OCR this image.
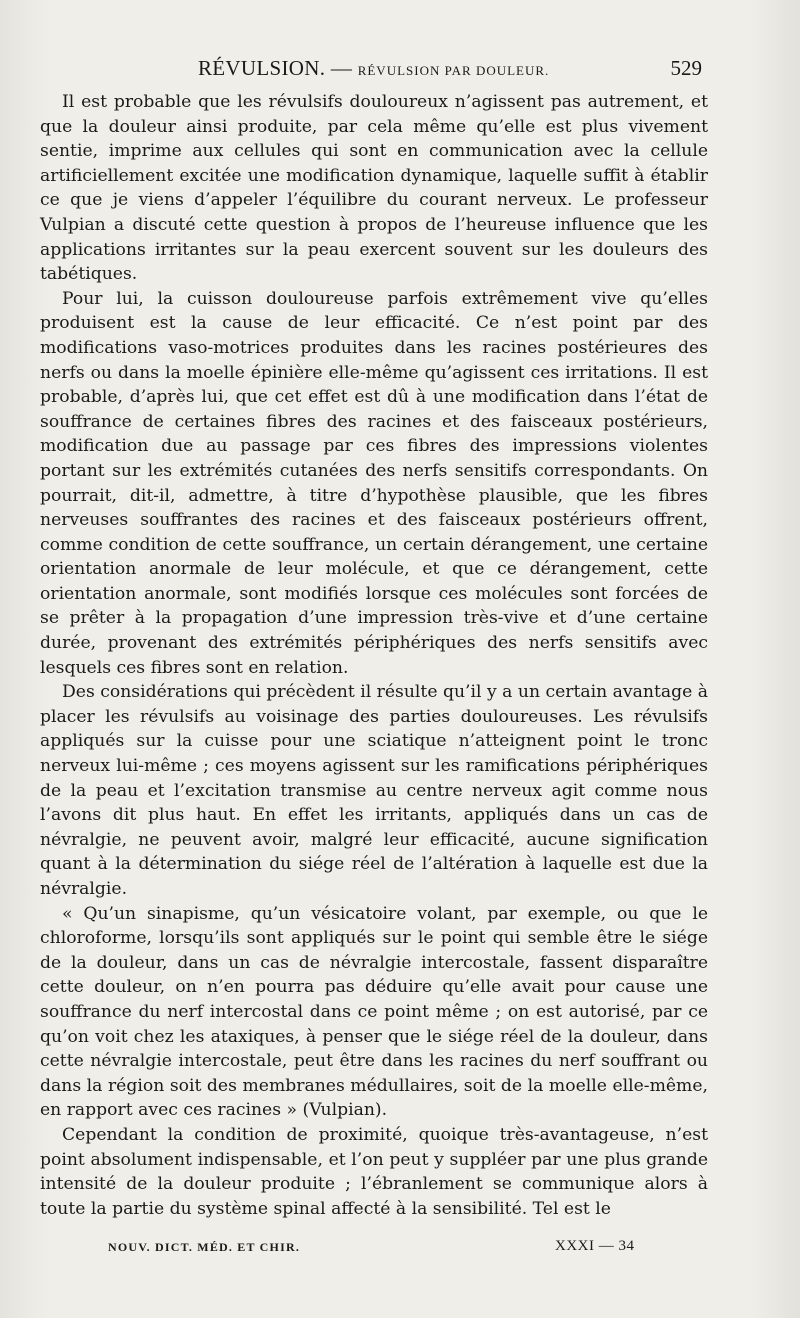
RÉVULSION. — RÉVULSION PAR DOULEUR.	529

Il est probable que les révulsifs douloureux n’agissent pas autrement, et que la douleur ainsi produite, par cela même qu’elle est plus vivement sentie, imprime aux cellules qui sont en communication avec la cellule artificiellement excitée une modification dynamique, laquelle suffit à établir ce que je viens d’appeler l’équilibre du courant nerveux. Le professeur Vulpian a discuté cette question à propos de l’heureuse influence que les applications irritantes sur la peau exercent souvent sur les douleurs des tabétiques.

Pour lui, la cuisson douloureuse parfois extrêmement vive qu’elles produisent est la cause de leur efficacité. Ce n’est point par des modifications vaso-motrices produites dans les racines postérieures des nerfs ou dans la moelle épinière elle-même qu’agissent ces irritations. Il est probable, d’après lui, que cet effet est dû à une modification dans l’état de souffrance de certaines fibres des racines et des faisceaux postérieurs, modification due au passage par ces fibres des impressions violentes portant sur les extrémités cutanées des nerfs sensitifs correspondants. On pourrait, dit-il, admettre, à titre d’hypothèse plausible, que les fibres nerveuses souffrantes des racines et des faisceaux postérieurs offrent, comme condition de cette souffrance, un certain dérangement, une certaine orientation anormale de leur molécule, et que ce dérangement, cette orientation anormale, sont modifiés lorsque ces molécules sont forcées de se prêter à la propagation d’une impression très-vive et d’une certaine durée, provenant des extrémités périphériques des nerfs sensitifs avec lesquels ces fibres sont en relation.

Des considérations qui précèdent il résulte qu’il y a un certain avantage à placer les révulsifs au voisinage des parties douloureuses. Les révulsifs appliqués sur la cuisse pour une sciatique n’atteignent point le tronc nerveux lui-même ; ces moyens agissent sur les ramifications périphériques de la peau et l’excitation transmise au centre nerveux agit comme nous l’avons dit plus haut. En effet les irritants, appliqués dans un cas de névralgie, ne peuvent avoir, malgré leur efficacité, aucune signification quant à la détermination du siége réel de l’altération à laquelle est due la névralgie.

« Qu’un sinapisme, qu’un vésicatoire volant, par exemple, ou que le chloroforme, lorsqu’ils sont appliqués sur le point qui semble être le siége de la douleur, dans un cas de névralgie intercostale, fassent disparaître cette douleur, on n’en pourra pas déduire qu’elle avait pour cause une souffrance du nerf intercostal dans ce point même ; on est autorisé, par ce qu’on voit chez les ataxiques, à penser que le siége réel de la douleur, dans cette névralgie intercostale, peut être dans les racines du nerf souffrant ou dans la région soit des membranes médullaires, soit de la moelle elle-même, en rapport avec ces racines » (Vulpian).

Cependant la condition de proximité, quoique très-avantageuse, n’est point absolument indispensable, et l’on peut y suppléer par une plus grande intensité de la douleur produite ; l’ébranlement se communique alors à toute la partie du système spinal affecté à la sensibilité. Tel est le

NOUV. DICT. MÉD. ET CHIR.	XXXI — 34
